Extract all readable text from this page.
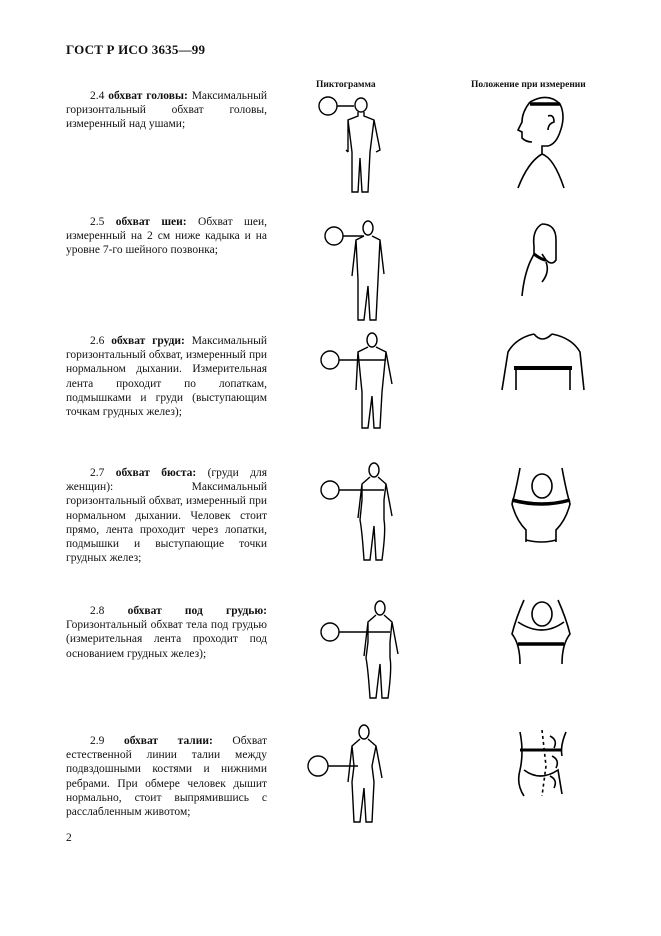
ГОСТ Р ИСО 3635—99
Пиктограмма	Положение при измерении

2.4 обхват головы: Максимальный горизонтальный обхват головы, измеренный над ушами;

2.5 обхват шеи: Обхват шеи, измеренный на 2 см ниже кадыка и на уровне 7-го шейного позвонка;

2.6 обхват груди: Максимальный горизонтальный обхват, измеренный при нормальном дыхании. Измерительная лента проходит по лопаткам, подмышками и груди (выступающим точкам грудных желез);

2.7 обхват бюста: (груди для женщин): Максимальный горизонтальный обхват, измеренный при нормальном дыхании. Человек стоит прямо, лента проходит через лопатки, подмышки и выступающие точки грудных желез;

2.8 обхват под грудью: Горизонтальный обхват тела под грудью (измерительная лента проходит под основанием грудных желез);

2.9 обхват талии: Обхват естественной линии талии между подвздошными костями и нижними ребрами. При обмере человек дышит нормально, стоит выпрямившись с расслабленным животом;

2
